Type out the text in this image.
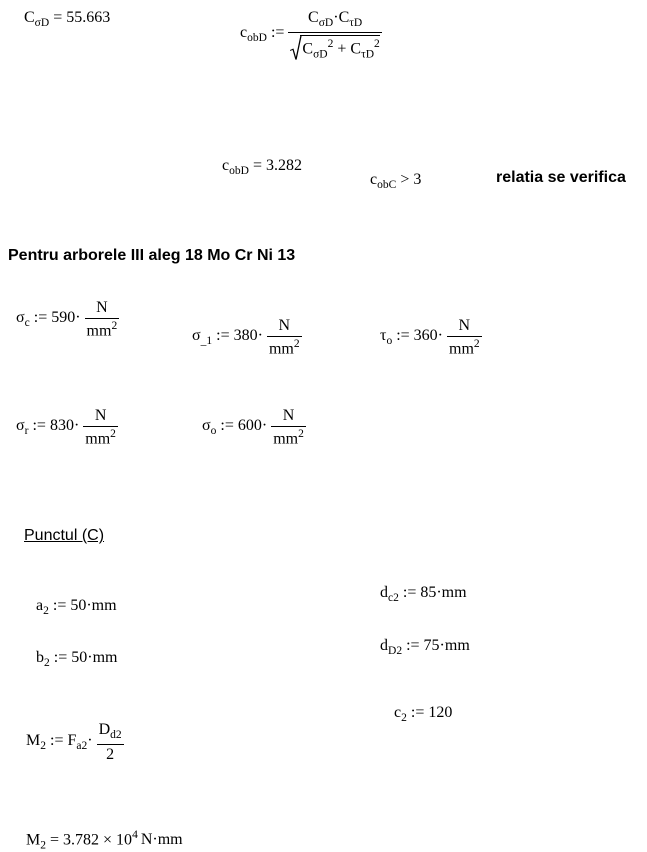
$C_{\sigma D} = 55.663$
$c_{obD}$ := $\frac{C_{\sigma D}\cdot C_{\tau D}}{C_{\sigma D}^2 + C_{\tau D}^2}$
$c_{obD} = 3.282$
$c_{obC} > 3$	relatia se verifica
Pentru arborele III aleg 18 Mo Cr Ni 13
$\sigma_c$ := $590\cdot \frac{N}{mm^2}$	$\sigma_{\_1}$ := $380\cdot \frac{N}{mm^2}$	$\tau_o$ := $360\cdot \frac{N}{mm^2}$
$\sigma_r$ := $830\cdot \frac{N}{mm^2}$	$\sigma_o$ := $600\cdot \frac{N}{mm^2}$
Punctul (C)
$a_2$ := 50·mm
$b_2$ := 50·mm
$d_{c2}$ := 85·mm
$d_{D2}$ := 75·mm
$c_2$ := 120
$M_2$ := $F_{a2}\cdot \frac{D_{d2}}{2}$
$M_2 = 3.782 \times 10^4$ N·mm
